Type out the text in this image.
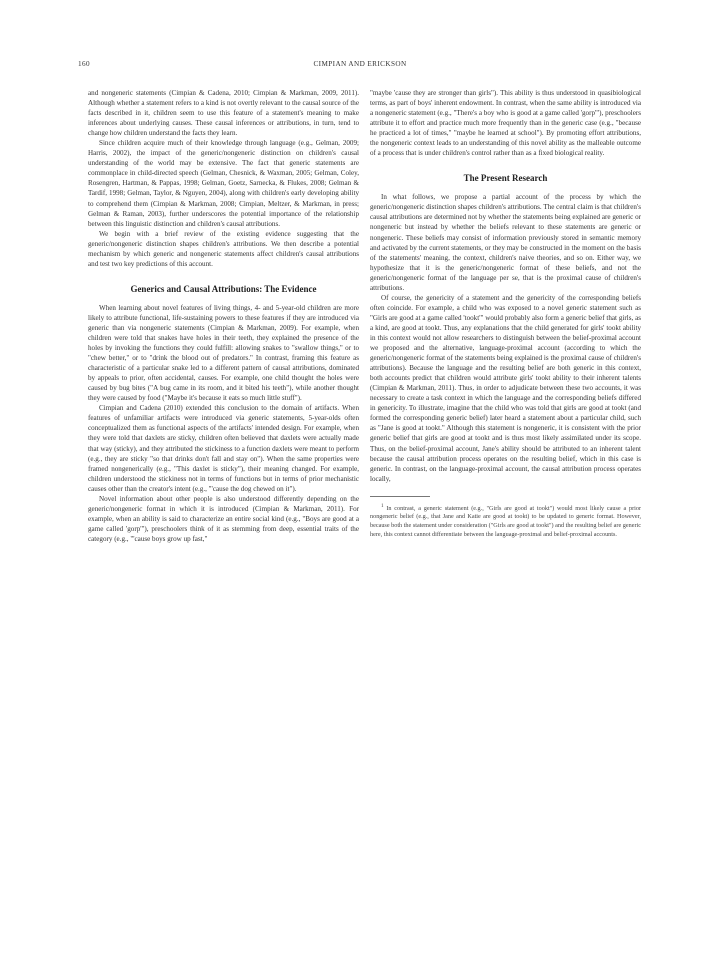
160	CIMPIAN AND ERICKSON

and nongeneric statements (Cimpian & Cadena, 2010; Cimpian & Markman, 2009, 2011). Although whether a statement refers to a kind is not overtly relevant to the causal source of the facts described in it, children seem to use this feature of a statement's meaning to make inferences about underlying causes. These causal inferences or attributions, in turn, tend to change how children understand the facts they learn.

Since children acquire much of their knowledge through language (e.g., Gelman, 2009; Harris, 2002), the impact of the generic/nongeneric distinction on children's causal understanding of the world may be extensive. The fact that generic statements are commonplace in child-directed speech (Gelman, Chesnick, & Waxman, 2005; Gelman, Coley, Rosengren, Hartman, & Pappas, 1998; Gelman, Goetz, Sarnecka, & Flukes, 2008; Gelman & Tardif, 1998; Gelman, Taylor, & Nguyen, 2004), along with children's early developing ability to comprehend them (Cimpian & Markman, 2008; Cimpian, Meltzer, & Markman, in press; Gelman & Raman, 2003), further underscores the potential importance of the relationship between this linguistic distinction and children's causal attributions.

We begin with a brief review of the existing evidence suggesting that the generic/nongeneric distinction shapes children's attributions. We then describe a potential mechanism by which generic and nongeneric statements affect children's causal attributions and test two key predictions of this account.

Generics and Causal Attributions: The Evidence

When learning about novel features of living things, 4- and 5-year-old children are more likely to attribute functional, life-sustaining powers to these features if they are introduced via generic than via nongeneric statements (Cimpian & Markman, 2009). For example, when children were told that snakes have holes in their teeth, they explained the presence of the holes by invoking the functions they could fulfill: allowing snakes to "swallow things," or to "chew better," or to "drink the blood out of predators." In contrast, framing this feature as characteristic of a particular snake led to a different pattern of causal attributions, dominated by appeals to prior, often accidental, causes. For example, one child thought the holes were caused by bug bites ("A bug came in its room, and it bited his teeth"), while another thought they were caused by food ("Maybe it's because it eats so much little stuff").

Cimpian and Cadena (2010) extended this conclusion to the domain of artifacts. When features of unfamiliar artifacts were introduced via generic statements, 5-year-olds often conceptualized them as functional aspects of the artifacts' intended design. For example, when they were told that daxlets are sticky, children often believed that daxlets were actually made that way (sticky), and they attributed the stickiness to a function daxlets were meant to perform (e.g., they are sticky "so that drinks don't fall and stay on"). When the same properties were framed nongenerically (e.g., "This daxlet is sticky"), their meaning changed. For example, children understood the stickiness not in terms of functions but in terms of prior mechanistic causes other than the creator's intent (e.g., "'cause the dog chewed on it").

Novel information about other people is also understood differently depending on the generic/nongeneric format in which it is introduced (Cimpian & Markman, 2011). For example, when an ability is said to characterize an entire social kind (e.g., "Boys are good at a game called 'gorp'"), preschoolers think of it as stemming from deep, essential traits of the category (e.g., "'cause boys grow up fast,"

"maybe 'cause they are stronger than girls"). This ability is thus understood in quasibiological terms, as part of boys' inherent endowment. In contrast, when the same ability is introduced via a nongeneric statement (e.g., "There's a boy who is good at a game called 'gorp'"), preschoolers attribute it to effort and practice much more frequently than in the generic case (e.g., "because he practiced a lot of times," "maybe he learned at school"). By promoting effort attributions, the nongeneric context leads to an understanding of this novel ability as the malleable outcome of a process that is under children's control rather than as a fixed biological reality.

The Present Research

In what follows, we propose a partial account of the process by which the generic/nongeneric distinction shapes children's attributions. The central claim is that children's causal attributions are determined not by whether the statements being explained are generic or nongeneric but instead by whether the beliefs relevant to these statements are generic or nongeneric. These beliefs may consist of information previously stored in semantic memory and activated by the current statements, or they may be constructed in the moment on the basis of the statements' meaning, the context, children's naive theories, and so on. Either way, we hypothesize that it is the generic/nongeneric format of these beliefs, and not the generic/nongeneric format of the language per se, that is the proximal cause of children's attributions.

Of course, the genericity of a statement and the genericity of the corresponding beliefs often coincide. For example, a child who was exposed to a novel generic statement such as "Girls are good at a game called 'tookt'" would probably also form a generic belief that girls, as a kind, are good at tookt. Thus, any explanations that the child generated for girls' tookt ability in this context would not allow researchers to distinguish between the belief-proximal account we proposed and the alternative, language-proximal account (according to which the generic/nongeneric format of the statements being explained is the proximal cause of children's attributions). Because the language and the resulting belief are both generic in this context, both accounts predict that children would attribute girls' tookt ability to their inherent talents (Cimpian & Markman, 2011). Thus, in order to adjudicate between these two accounts, it was necessary to create a task context in which the language and the corresponding beliefs differed in genericity. To illustrate, imagine that the child who was told that girls are good at tookt (and formed the corresponding generic belief) later heard a statement about a particular child, such as "Jane is good at tookt." Although this statement is nongeneric, it is consistent with the prior generic belief that girls are good at tookt and is thus most likely assimilated under its scope. Thus, on the belief-proximal account, Jane's ability should be attributed to an inherent talent because the causal attribution process operates on the resulting belief, which in this case is generic. In contrast, on the language-proximal account, the causal attribution process operates locally,

$^1$ In contrast, a generic statement (e.g., "Girls are good at tookt") would most likely cause a prior nongeneric belief (e.g., that Jane and Katie are good at tookt) to be updated to generic format. However, because both the statement under consideration ("Girls are good at tookt") and the resulting belief are generic here, this context cannot differentiate between the language-proximal and belief-proximal accounts.
